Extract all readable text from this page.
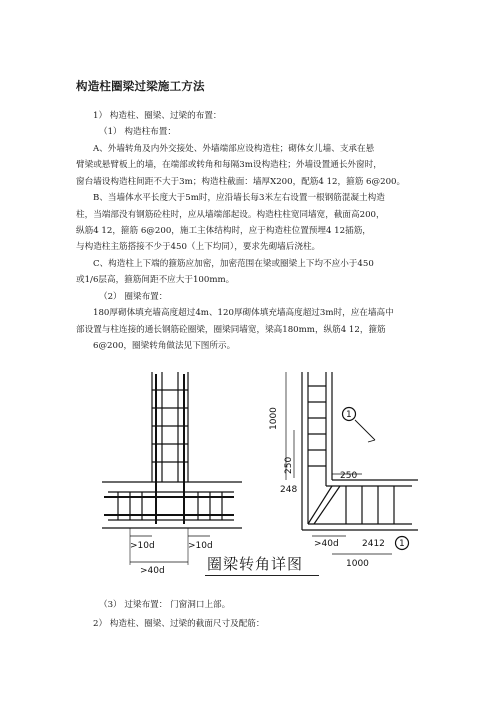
构造柱圈梁过梁施工方法
1） 构造柱、圈梁、过梁的布置：
（1） 构造柱布置：
A、外墙转角及内外交接处、外墙端部应设构造柱；砌体女儿墙、支承在悬
臂梁或悬臂板上的墙，在端部或转角和每隔3m设构造柱；外墙设置通长外窗时，
窗台墙设构造柱间距不大于3m；构造柱截面：墙厚X200，配筋4 12，箍筋 6@200。
B、当墙体水平长度大于5m时，应沿墙长每3米左右设置一根钢筋混凝土构造
柱，当端部没有钢筋砼柱时，应从墙端部起设。构造柱柱宽同墙宽，截面高200，
纵筋4 12，箍筋 6@200，施工主体结构时，应于构造柱位置预埋4 12插筋，
与构造柱主筋搭接不少于450（上下均同），要求先砌墙后浇柱。
C、构造柱上下端的箍筋应加密，加密范围在梁或圈梁上下均不应小于450
或1/6层高，箍筋间距不应大于100mm。
（2） 圈梁布置：
180厚砌体填充墙高度超过4m、120厚砌体填充墙高度超过3m时，应在墙高中
部设置与柱连接的通长钢筋砼圈梁，圈梁同墙宽，梁高180mm，纵筋4 12，箍筋
6@200，圈梁转角做法见下图所示。
>10d	>10d
>40d
1000
250
250
248
>40d	2412
1000
1
1
圈梁转角详图
（3） 过梁布置： 门窗洞口上部。
2） 构造柱、圈梁、过梁的截面尺寸及配筋：
